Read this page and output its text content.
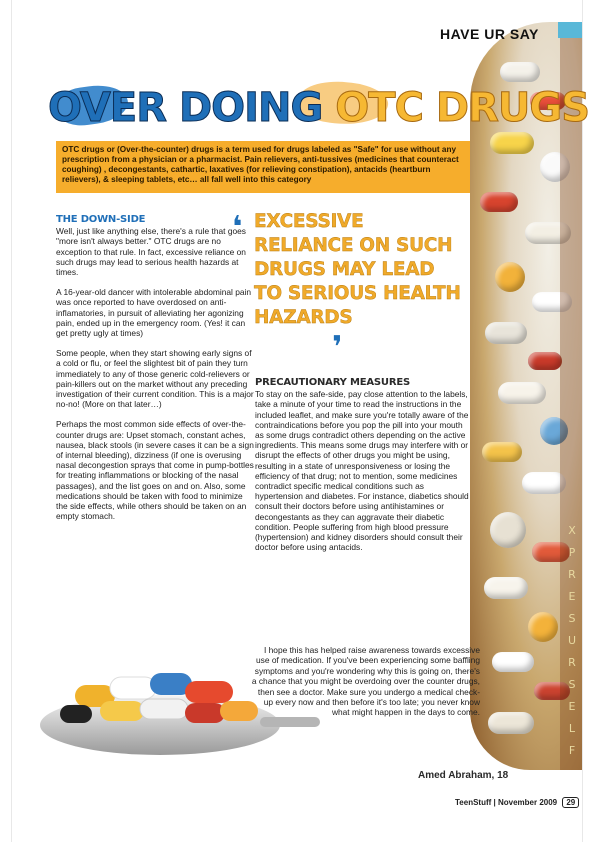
HAVE UR SAY
X
P
R
E
S
U
R
S
E
L
F
OVER DOING OTC DRUGS
OTC drugs or (Over-the-counter) drugs is a term used for drugs labeled as "Safe" for use without any prescription from a physician or a pharmacist. Pain relievers, anti-tussives (medicines that counteract coughing) , decongestants, cathartic, laxatives (for relieving constipation), antacids (heartburn relievers), & sleeping tablets, etc… all fall well into this category
THE DOWN-SIDE

Well, just like anything else, there's a rule that goes "more isn't always better." OTC drugs are no exception to that rule. In fact, excessive reliance on such drugs may lead to serious health hazards at times.

A 16-year-old dancer with intolerable abdominal pain was once reported to have overdosed on anti-inflamatories, in pursuit of alleviating her agonizing pain, ended up in the emergency room. (Yes! it can get pretty ugly at times)

Some people, when they start showing early signs of a cold or flu, or feel the slightest bit of pain they turn immediately to any of those generic cold-relievers or pain-killers out on the market without any preceding investigation of their current condition. This is a major no-no! (More on that later…)

Perhaps the most common side effects of over-the-counter drugs are: Upset stomach, constant aches, nausea, black stools (in severe cases it can be a sign of internal bleeding), dizziness (if one is overusing nasal decongestion sprays that come in pump-bottles for treating inflammations or blocking of the nasal passages), and the list goes on and on. Also, some medications should be taken with food to minimize the side effects, while others should be taken on an empty stomach.

❛ EXCESSIVE RELIANCE ON SUCH DRUGS MAY LEAD TO SERIOUS HEALTH HAZARDS
❜
PRECAUTIONARY MEASURES

To stay on the safe-side, pay close attention to the labels, take a minute of your time to read the instructions in the included leaflet, and make sure you're totally aware of the contraindications before you pop the pill into your mouth as some drugs contradict others depending on the active ingredients. This means some drugs may interfere with or disrupt the effects of other drugs you might be using, resulting in a state of unresponsiveness or losing the efficiency of that drug; not to mention, some medicines contradict specific medical conditions such as hypertension and diabetes. For instance, diabetics should consult their doctors before using antihistamines or decongestants as they can aggravate their diabetic condition. People suffering from high blood pressure (hypertension) and kidney disorders should consult their doctor before using antacids.

I hope this has helped raise awareness towards excessive use of medication. If you've been experiencing some baffling symptoms and you're wondering why this is going on, there's a chance that you might be overdoing over the counter drugs, then see a doctor. Make sure you undergo a medical check-up every now and then before it's too late; you never know what might happen in the days to come.
Amed Abraham, 18
TeenStuff | November 2009 29
